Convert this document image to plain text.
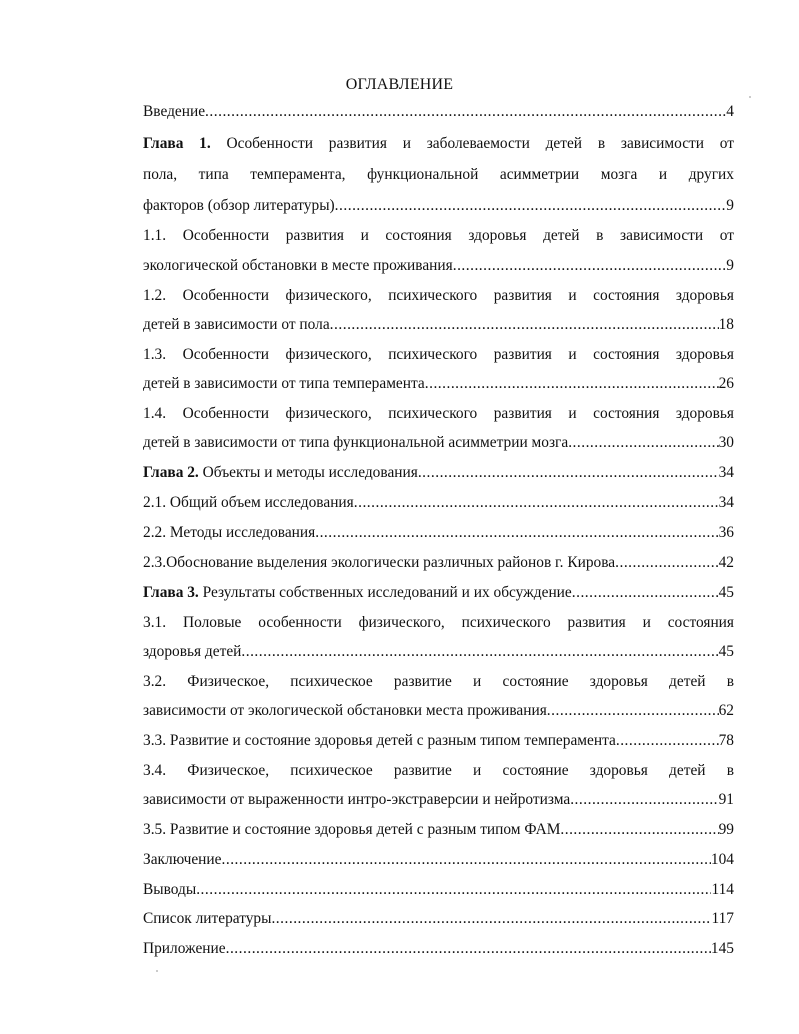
ОГЛАВЛЕНИЕ
Введение .....	4
Глава 1. Особенности развития и заболеваемости детей в зависимости от
пола, типа темперамента, функциональной асимметрии мозга и других
факторов (обзор литературы) .....	9
1.1. Особенности развития и состояния здоровья детей в зависимости от
экологической обстановки в месте проживания .....	9
1.2. Особенности физического, психического развития и состояния здоровья
детей в зависимости от пола .....	18
1.3. Особенности физического, психического развития и состояния здоровья
детей в зависимости от типа темперамента .....	26
1.4. Особенности физического, психического развития и состояния здоровья
детей в зависимости от типа функциональной асимметрии мозга .....	30
Глава 2. Объекты и методы исследования .....	34
2.1. Общий объем исследования .....	34
2.2. Методы исследования .....	36
2.3.Обоснование выделения экологически различных районов г. Кирова .....	42
Глава 3. Результаты собственных исследований и их обсуждение .....	45
3.1. Половые особенности физического, психического развития и состояния
здоровья детей .....	45
3.2. Физическое, психическое развитие и состояние здоровья детей в
зависимости от экологической обстановки места проживания .....	62
3.3. Развитие и состояние здоровья детей с разным типом темперамента .....	78
3.4. Физическое, психическое развитие и состояние здоровья детей в
зависимости от выраженности интро-экстраверсии и нейротизма .....	91
3.5. Развитие и состояние здоровья детей с разным типом ФАМ .....	99
Заключение .....	104
Выводы .....	114
Список литературы .....	117
Приложение .....	145
